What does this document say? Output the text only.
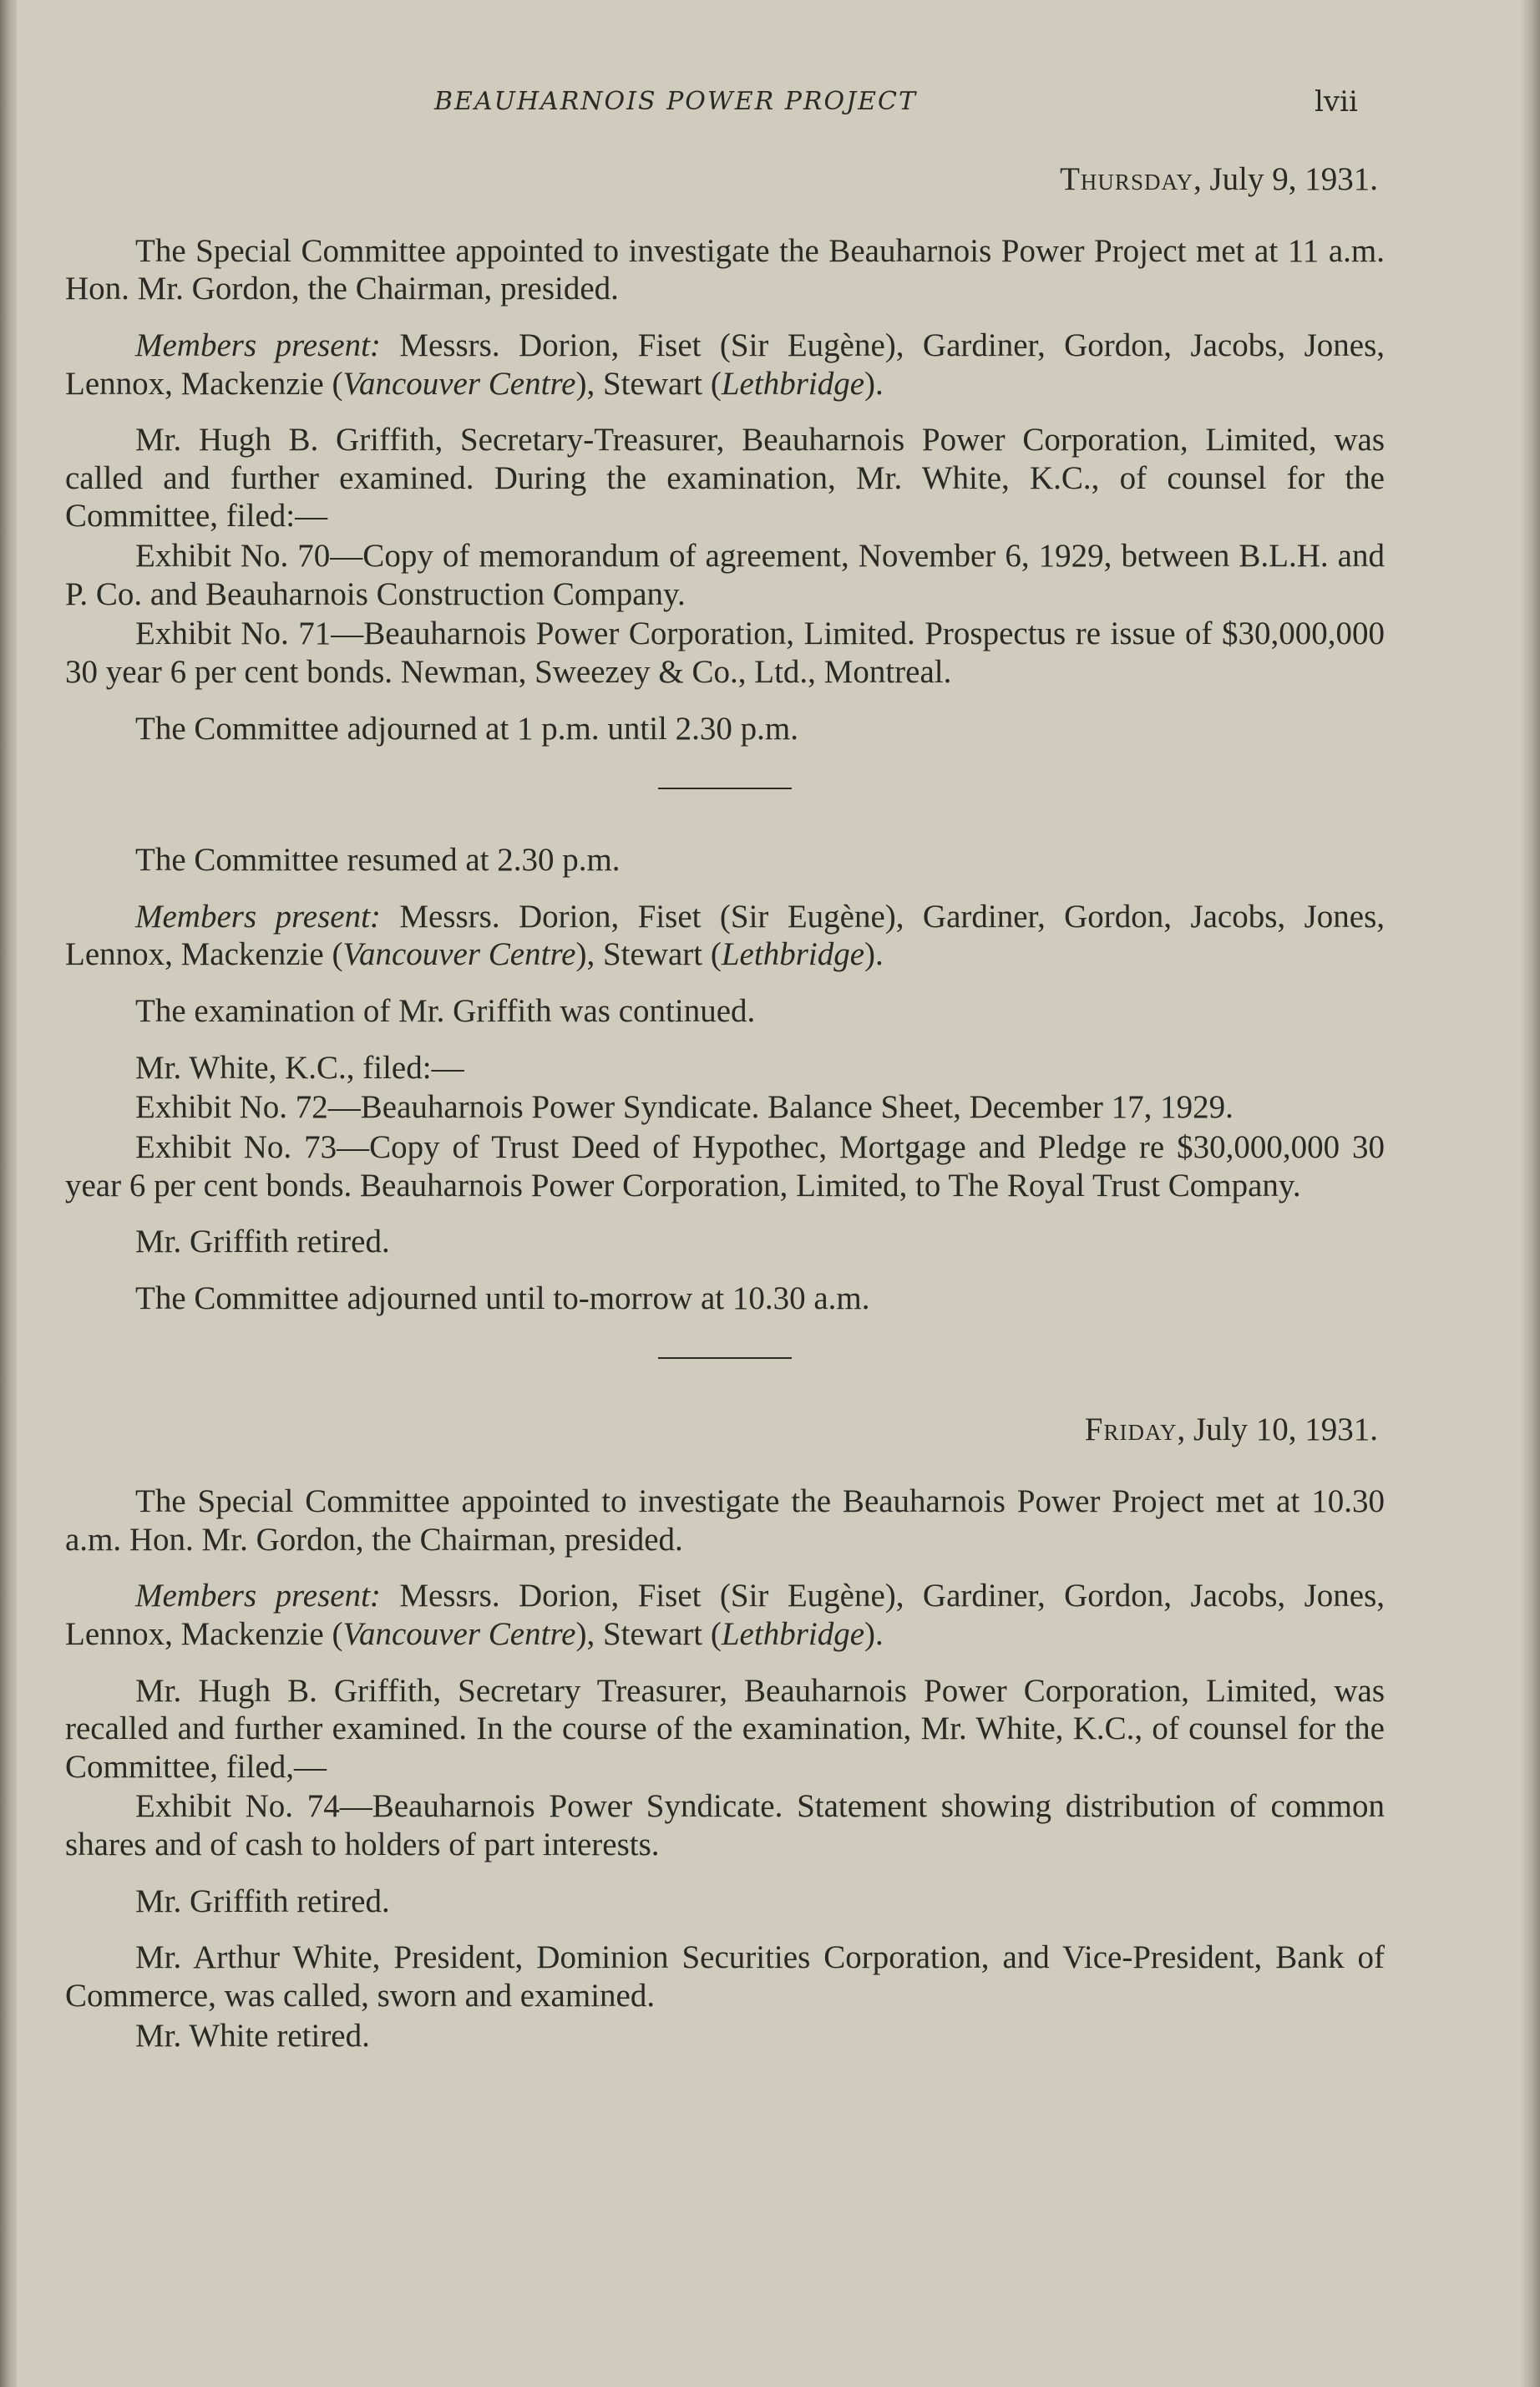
BEAUHARNOIS POWER PROJECT	lvii
Thursday, July 9, 1931.

The Special Committee appointed to investigate the Beauharnois Power Project met at 11 a.m. Hon. Mr. Gordon, the Chairman, presided.

Members present: Messrs. Dorion, Fiset (Sir Eugène), Gardiner, Gordon, Jacobs, Jones, Lennox, Mackenzie (Vancouver Centre), Stewart (Lethbridge).

Mr. Hugh B. Griffith, Secretary-Treasurer, Beauharnois Power Corporation, Limited, was called and further examined. During the examination, Mr. White, K.C., of counsel for the Committee, filed:—

Exhibit No. 70—Copy of memorandum of agreement, November 6, 1929, between B.L.H. and P. Co. and Beauharnois Construction Company.

Exhibit No. 71—Beauharnois Power Corporation, Limited. Prospectus re issue of $30,000,000 30 year 6 per cent bonds. Newman, Sweezey & Co., Ltd., Montreal.

The Committee adjourned at 1 p.m. until 2.30 p.m.

The Committee resumed at 2.30 p.m.

Members present: Messrs. Dorion, Fiset (Sir Eugène), Gardiner, Gordon, Jacobs, Jones, Lennox, Mackenzie (Vancouver Centre), Stewart (Lethbridge).

The examination of Mr. Griffith was continued.

Mr. White, K.C., filed:—

Exhibit No. 72—Beauharnois Power Syndicate. Balance Sheet, December 17, 1929.

Exhibit No. 73—Copy of Trust Deed of Hypothec, Mortgage and Pledge re $30,000,000 30 year 6 per cent bonds. Beauharnois Power Corporation, Limited, to The Royal Trust Company.

Mr. Griffith retired.

The Committee adjourned until to-morrow at 10.30 a.m.

Friday, July 10, 1931.

The Special Committee appointed to investigate the Beauharnois Power Project met at 10.30 a.m. Hon. Mr. Gordon, the Chairman, presided.

Members present: Messrs. Dorion, Fiset (Sir Eugène), Gardiner, Gordon, Jacobs, Jones, Lennox, Mackenzie (Vancouver Centre), Stewart (Lethbridge).

Mr. Hugh B. Griffith, Secretary Treasurer, Beauharnois Power Corporation, Limited, was recalled and further examined. In the course of the examination, Mr. White, K.C., of counsel for the Committee, filed,—

Exhibit No. 74—Beauharnois Power Syndicate. Statement showing distribution of common shares and of cash to holders of part interests.

Mr. Griffith retired.

Mr. Arthur White, President, Dominion Securities Corporation, and Vice-President, Bank of Commerce, was called, sworn and examined.

Mr. White retired.
